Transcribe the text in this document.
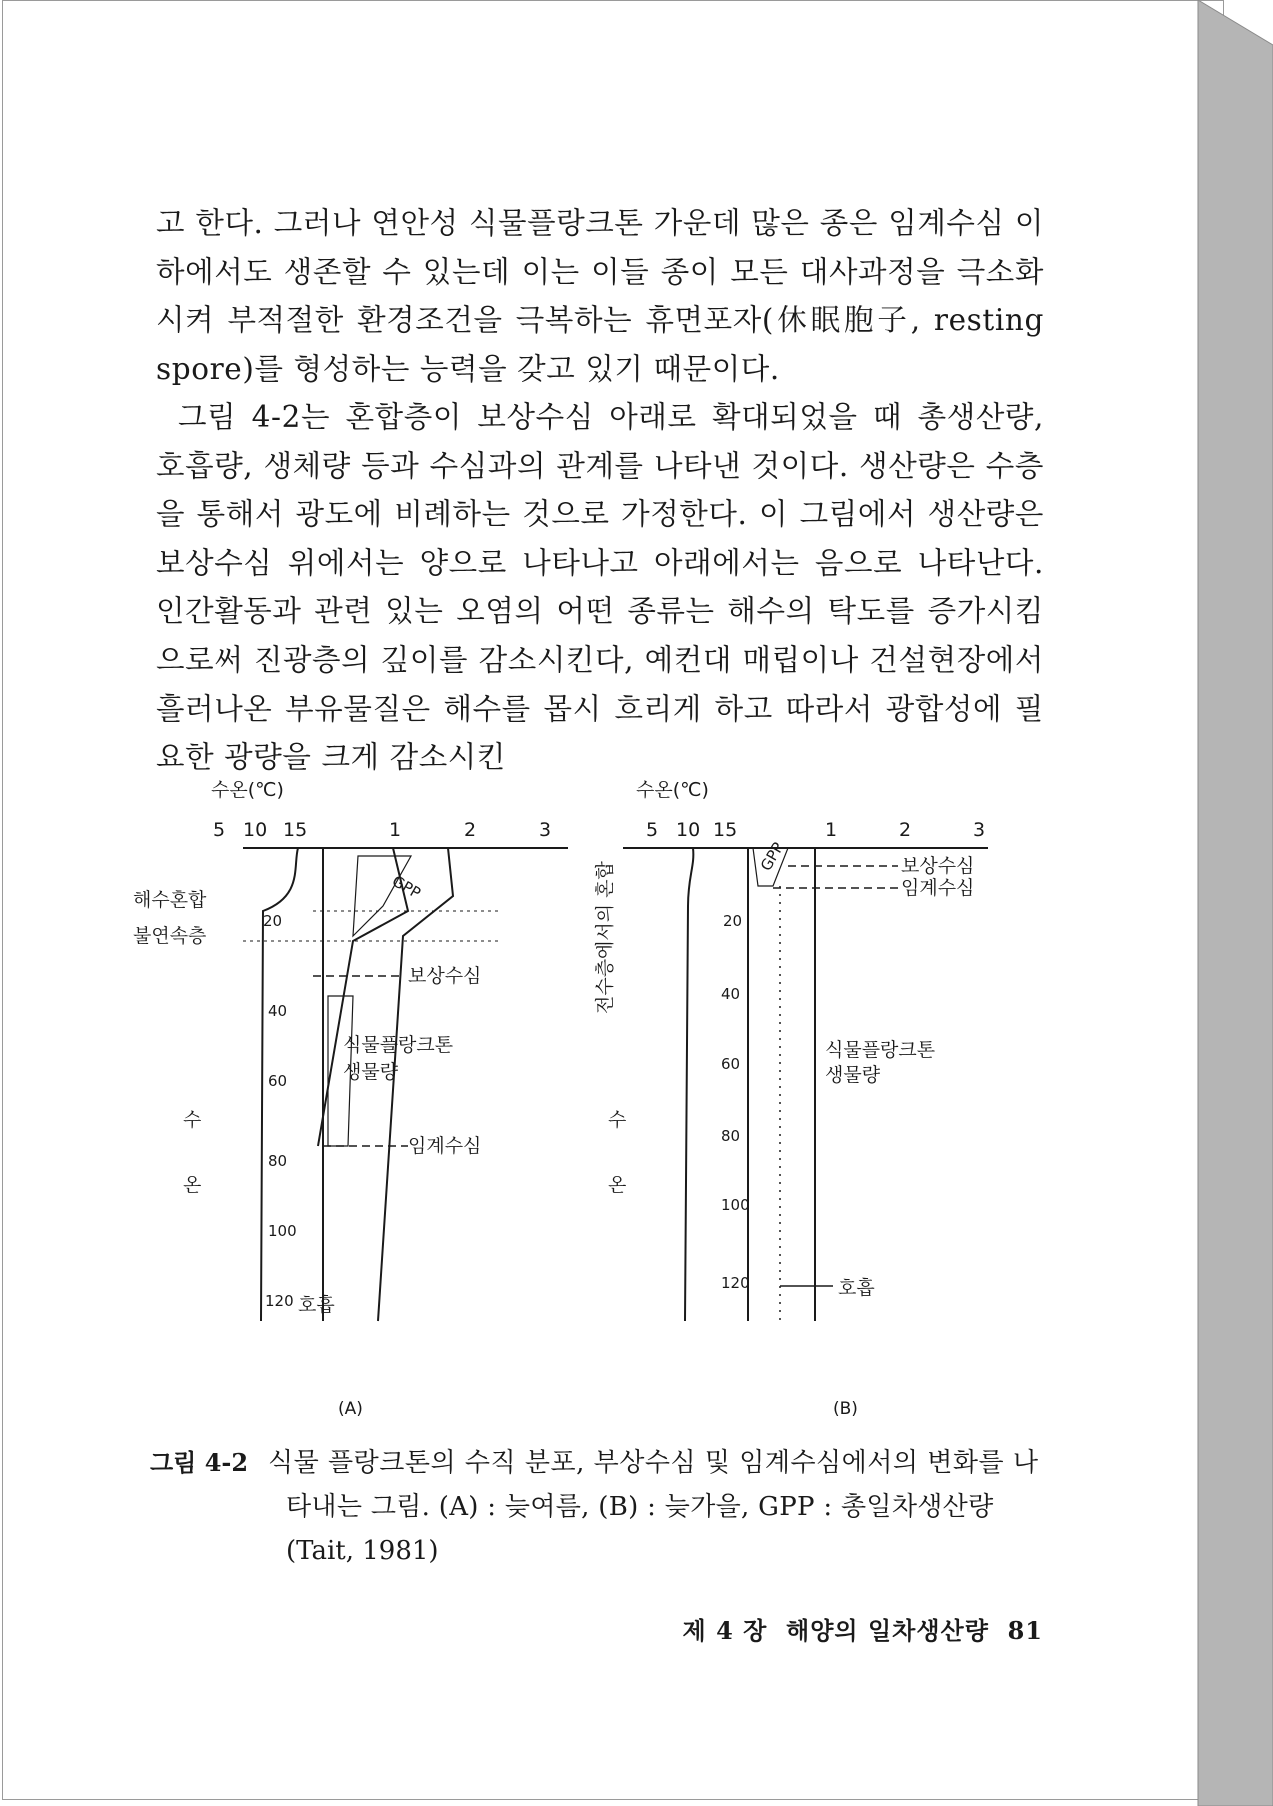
고 한다. 그러나 연안성 식물플랑크톤 가운데 많은 종은 임계수심 이하에서도 생존할 수 있는데 이는 이들 종이 모든 대사과정을 극소화시켜 부적절한 환경조건을 극복하는 휴면포자(休眠胞子, resting spore)를 형성하는 능력을 갖고 있기 때문이다.

그림 4-2는 혼합층이 보상수심 아래로 확대되었을 때 총생산량, 호흡량, 생체량 등과 수심과의 관계를 나타낸 것이다. 생산량은 수층을 통해서 광도에 비례하는 것으로 가정한다. 이 그림에서 생산량은 보상수심 위에서는 양으로 나타나고 아래에서는 음으로 나타난다. 인간활동과 관련 있는 오염의 어떤 종류는 해수의 탁도를 증가시킴으로써 진광층의 깊이를 감소시킨다, 예컨대 매립이나 건설현장에서 흘러나온 부유물질은 해수를 몹시 흐리게 하고 따라서 광합성에 필요한 광량을 크게 감소시킨

수온(℃)
5 10 15	1	2	3
GPP
해수혼합
불연속층
보상수심
임계수심
식물플랑크톤
생물량
호흡
수
온
20
40
60
80
100
120
(A)
수온(℃)
5 10 15	1	2	3
GPP	보상수심
임계수심
전수층에서의 혼합
식물플랑크톤
생물량
호흡
수
온
20
40
60
80
100
120
(B)
그림 4-2 식물 플랑크톤의 수직 분포, 부상수심 및 임계수심에서의 변화를 나
타내는 그림. (A) : 늦여름, (B) : 늦가을, GPP : 총일차생산량
(Tait, 1981)
제 4 장 해양의 일차생산량 81
